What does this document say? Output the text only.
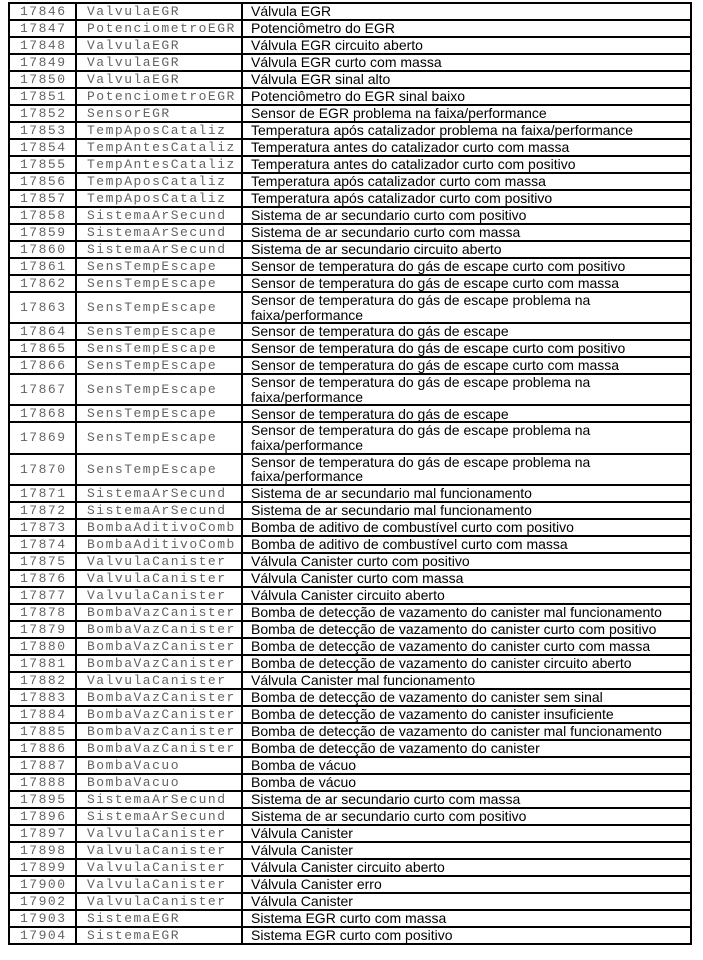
17846	ValvulaEGR	Válvula EGR
17847	PotenciometroEGR	Potenciômetro do EGR
17848	ValvulaEGR	Válvula EGR circuito aberto
17849	ValvulaEGR	Válvula EGR curto com massa
17850	ValvulaEGR	Válvula EGR sinal alto
17851	PotenciometroEGR	Potenciômetro do EGR sinal baixo
17852	SensorEGR	Sensor de EGR problema na faixa/performance
17853	TempAposCataliz	Temperatura após catalizador problema na faixa/performance
17854	TempAntesCataliz	Temperatura antes do catalizador curto com massa
17855	TempAntesCataliz	Temperatura antes do catalizador curto com positivo
17856	TempAposCataliz	Temperatura após catalizador curto com massa
17857	TempAposCataliz	Temperatura após catalizador curto com positivo
17858	SistemaArSecund	Sistema de ar secundario curto com positivo
17859	SistemaArSecund	Sistema de ar secundario curto com massa
17860	SistemaArSecund	Sistema de ar secundario circuito aberto
17861	SensTempEscape	Sensor de temperatura do gás de escape curto com positivo
17862	SensTempEscape	Sensor de temperatura do gás de escape curto com massa
17863	SensTempEscape	Sensor de temperatura do gás de escape problema na faixa/performance
17864	SensTempEscape	Sensor de temperatura do gás de escape
17865	SensTempEscape	Sensor de temperatura do gás de escape curto com positivo
17866	SensTempEscape	Sensor de temperatura do gás de escape curto com massa
17867	SensTempEscape	Sensor de temperatura do gás de escape problema na faixa/performance
17868	SensTempEscape	Sensor de temperatura do gás de escape
17869	SensTempEscape	Sensor de temperatura do gás de escape problema na faixa/performance
17870	SensTempEscape	Sensor de temperatura do gás de escape problema na faixa/performance
17871	SistemaArSecund	Sistema de ar secundario mal funcionamento
17872	SistemaArSecund	Sistema de ar secundario mal funcionamento
17873	BombaAditivoComb	Bomba de aditivo de combustível curto com positivo
17874	BombaAditivoComb	Bomba de aditivo de combustível curto com massa
17875	ValvulaCanister	Válvula Canister curto com positivo
17876	ValvulaCanister	Válvula Canister curto com massa
17877	ValvulaCanister	Válvula Canister circuito aberto
17878	BombaVazCanister	Bomba de detecção de vazamento do canister mal funcionamento
17879	BombaVazCanister	Bomba de detecção de vazamento do canister curto com positivo
17880	BombaVazCanister	Bomba de detecção de vazamento do canister curto com massa
17881	BombaVazCanister	Bomba de detecção de vazamento do canister circuito aberto
17882	ValvulaCanister	Válvula Canister mal funcionamento
17883	BombaVazCanister	Bomba de detecção de vazamento do canister sem sinal
17884	BombaVazCanister	Bomba de detecção de vazamento do canister insuficiente
17885	BombaVazCanister	Bomba de detecção de vazamento do canister mal funcionamento
17886	BombaVazCanister	Bomba de detecção de vazamento do canister
17887	BombaVacuo	Bomba de vácuo
17888	BombaVacuo	Bomba de vácuo
17895	SistemaArSecund	Sistema de ar secundario curto com massa
17896	SistemaArSecund	Sistema de ar secundario curto com positivo
17897	ValvulaCanister	Válvula Canister
17898	ValvulaCanister	Válvula Canister
17899	ValvulaCanister	Válvula Canister circuito aberto
17900	ValvulaCanister	Válvula Canister erro
17902	ValvulaCanister	Válvula Canister
17903	SistemaEGR	Sistema EGR curto com massa
17904	SistemaEGR	Sistema EGR curto com positivo
